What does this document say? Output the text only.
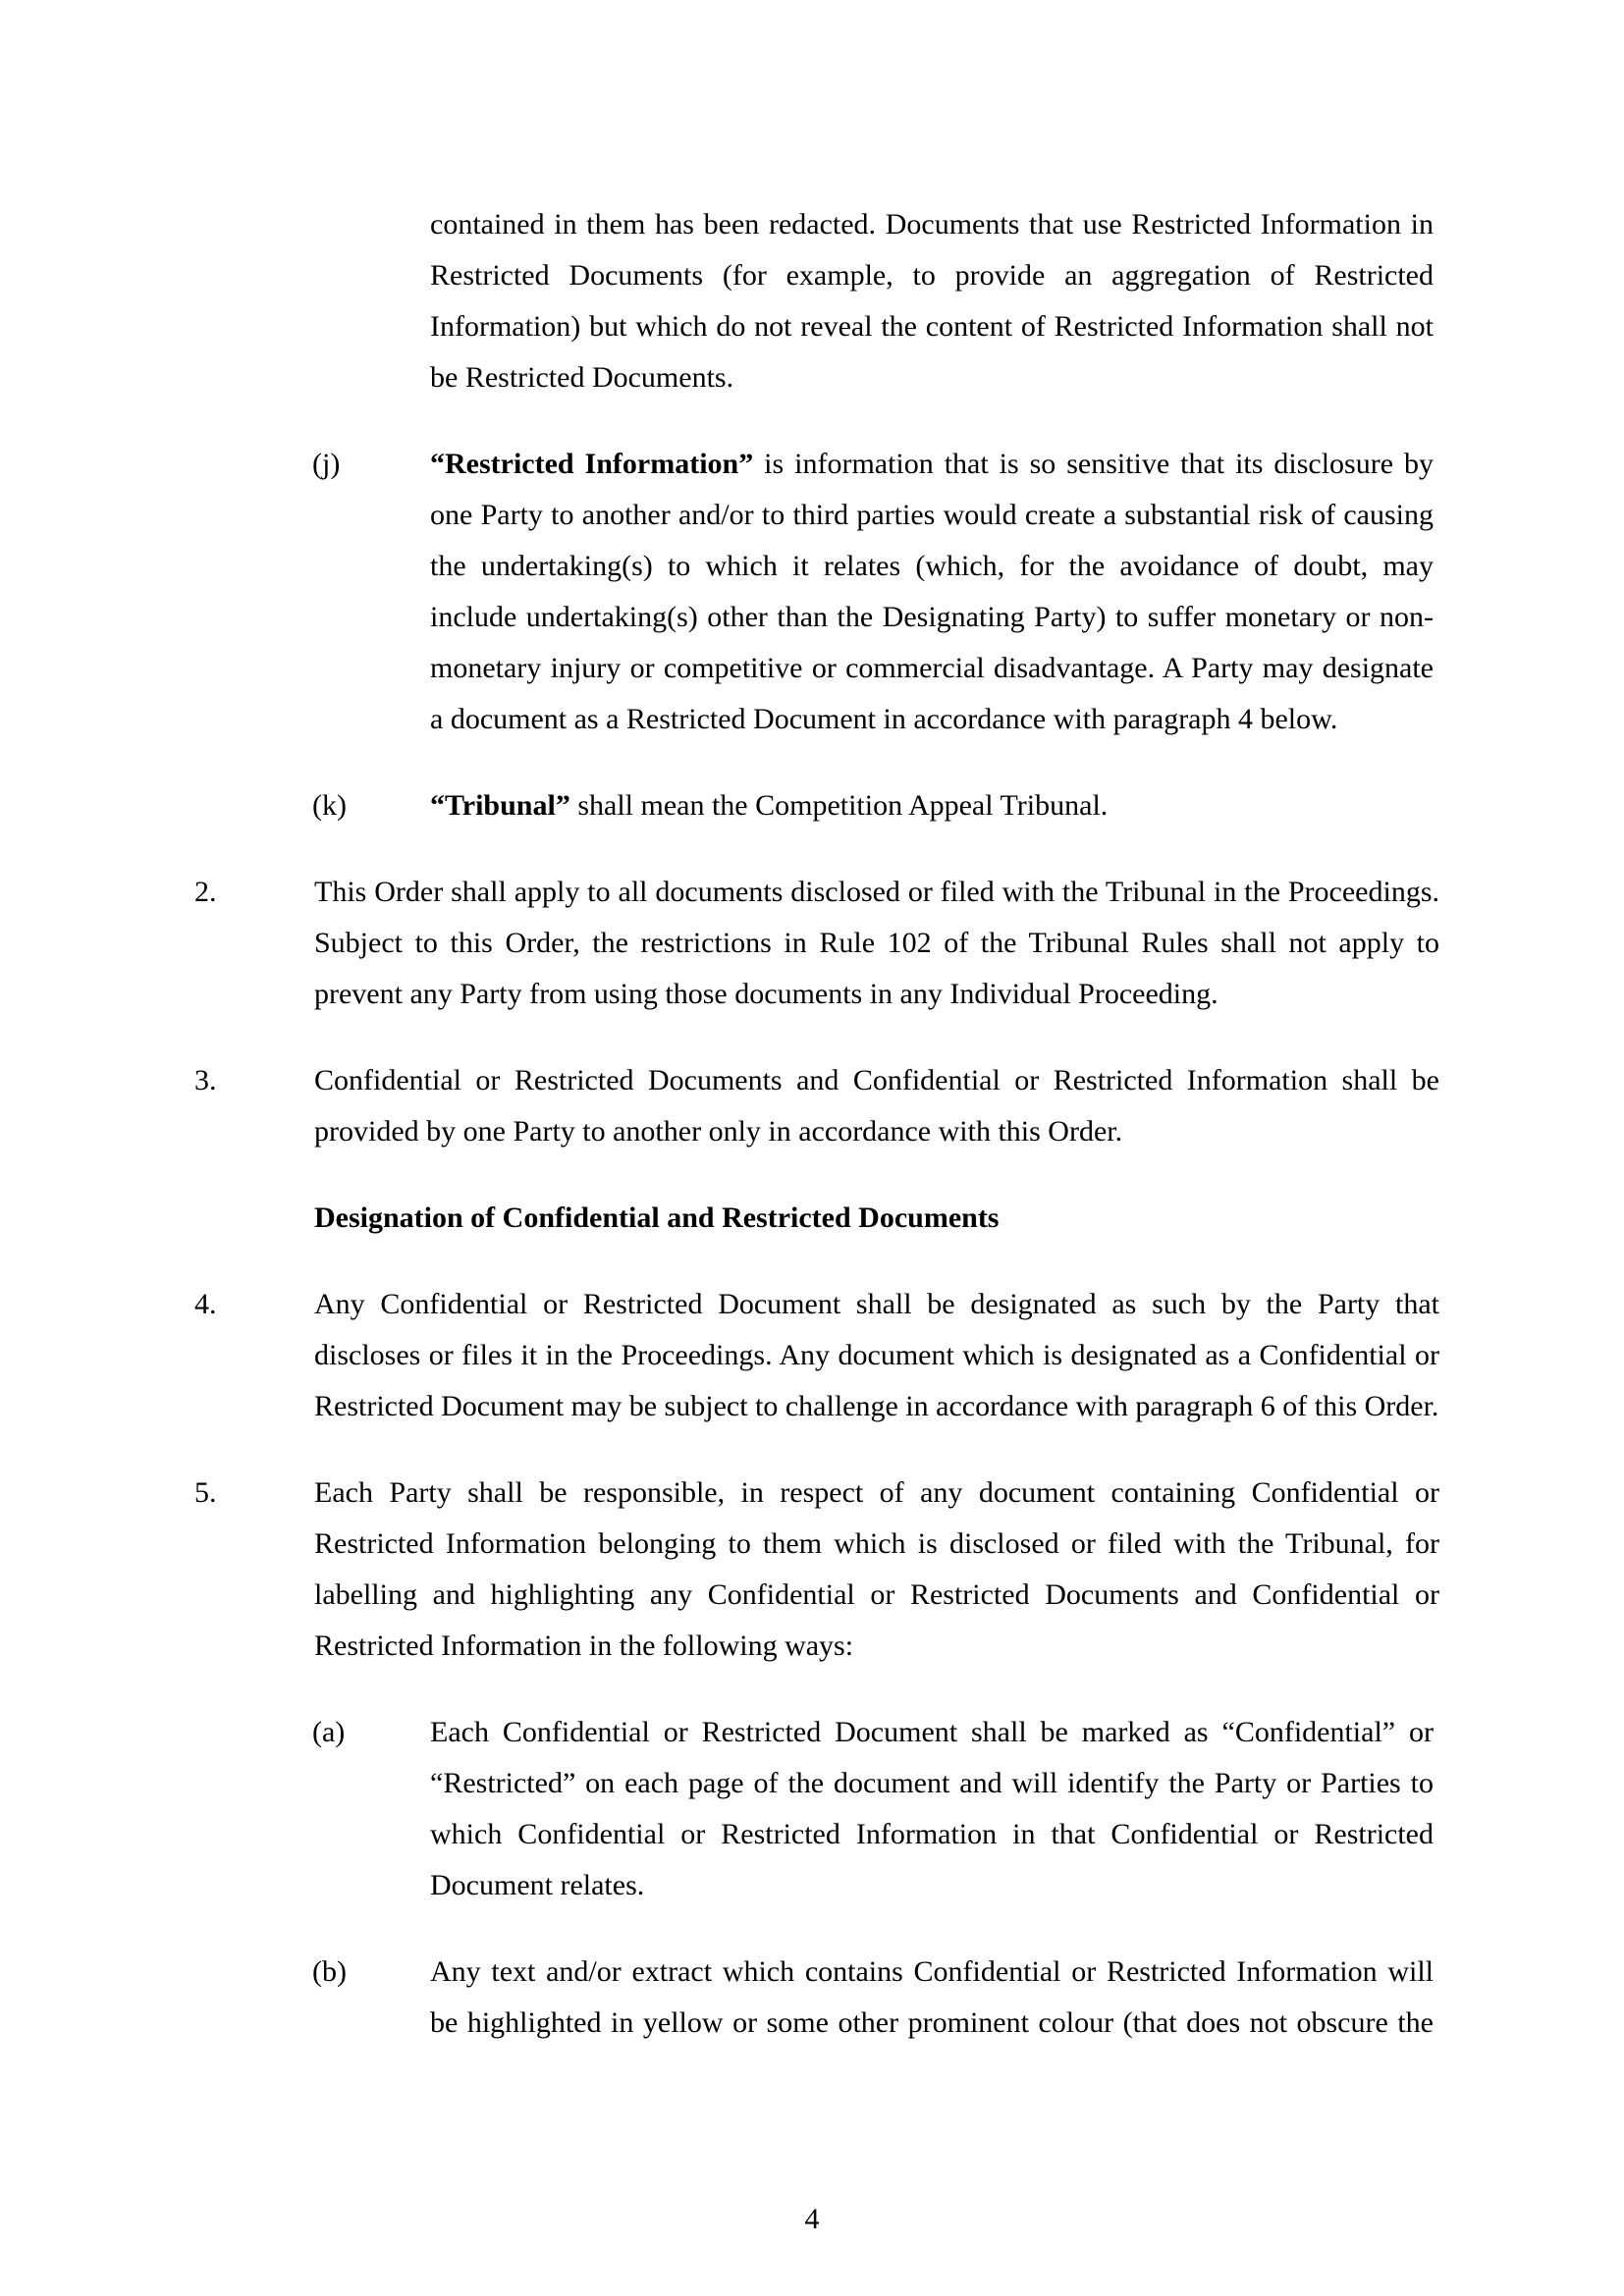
contained in them has been redacted. Documents that use Restricted Information in Restricted Documents (for example, to provide an aggregation of Restricted Information) but which do not reveal the content of Restricted Information shall not be Restricted Documents.
(j)	“Restricted Information” is information that is so sensitive that its disclosure by one Party to another and/or to third parties would create a substantial risk of causing the undertaking(s) to which it relates (which, for the avoidance of doubt, may include undertaking(s) other than the Designating Party) to suffer monetary or non-monetary injury or competitive or commercial disadvantage. A Party may designate a document as a Restricted Document in accordance with paragraph 4 below.
(k)	“Tribunal” shall mean the Competition Appeal Tribunal.
2.	This Order shall apply to all documents disclosed or filed with the Tribunal in the Proceedings. Subject to this Order, the restrictions in Rule 102 of the Tribunal Rules shall not apply to prevent any Party from using those documents in any Individual Proceeding.
3.	Confidential or Restricted Documents and Confidential or Restricted Information shall be provided by one Party to another only in accordance with this Order.
Designation of Confidential and Restricted Documents
4.	Any Confidential or Restricted Document shall be designated as such by the Party that discloses or files it in the Proceedings. Any document which is designated as a Confidential or Restricted Document may be subject to challenge in accordance with paragraph 6 of this Order.
5.	Each Party shall be responsible, in respect of any document containing Confidential or Restricted Information belonging to them which is disclosed or filed with the Tribunal, for labelling and highlighting any Confidential or Restricted Documents and Confidential or Restricted Information in the following ways:
(a)	Each Confidential or Restricted Document shall be marked as “Confidential” or “Restricted” on each page of the document and will identify the Party or Parties to which Confidential or Restricted Information in that Confidential or Restricted Document relates.
(b)	Any text and/or extract which contains Confidential or Restricted Information will be highlighted in yellow or some other prominent colour (that does not obscure the
4
